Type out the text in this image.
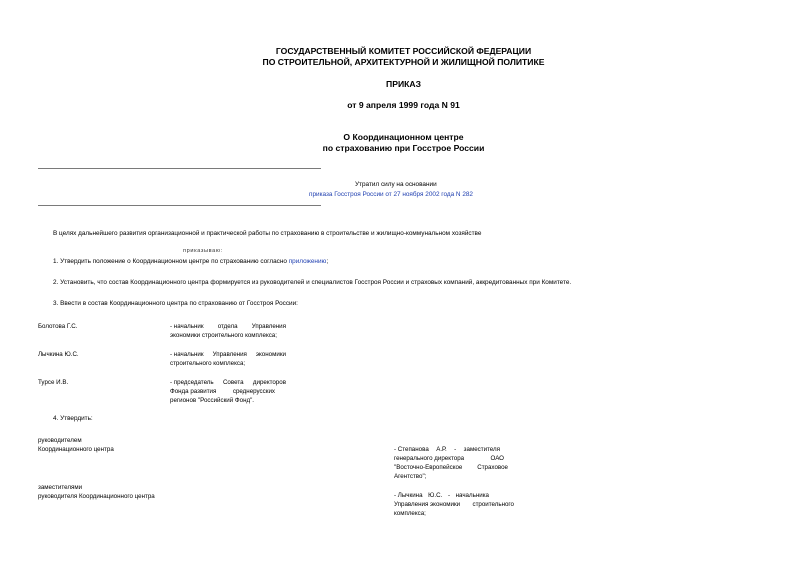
ГОСУДАРСТВЕННЫЙ КОМИТЕТ РОССИЙСКОЙ ФЕДЕРАЦИИ
ПО СТРОИТЕЛЬНОЙ, АРХИТЕКТУРНОЙ И ЖИЛИЩНОЙ ПОЛИТИКЕ
ПРИКАЗ
от 9 апреля 1999 года N 91
О Координационном центре
по страхованию при Госстрое России
Утратил силу на основании
приказа Госстроя России от 27 ноября 2002 года N 282
В целях дальнейшего развития организационной и практической работы по страхованию в строительстве и жилищно-коммунальном хозяйстве
приказываю:
1. Утвердить положение о Координационном центре по страхованию согласно приложению;
2. Установить, что состав Координационного центра формируется из руководителей и специалистов Госстроя России и страховых компаний, аккредитованных при Комитете.
3. Ввести в состав Координационного центра по страхованию от Госстроя России:
Болотова Г.С.	- начальник отдела Управления
экономики строительного комплекса;
Лычкина Ю.С.	- начальник Управления экономики
строительного комплекса;
Турсе И.В.	- председатель Совета директоров
Фонда развития	среднерусских
регионов "Российский Фонд".
4. Утвердить:
руководителем
Координационного центра	- Степанова А.Р. - заместителя
генерального директора	ОАО
"Восточно-Европейское Страховое
Агентство";
заместителями
руководителя Координационного центра	- Лычкина Ю.С. - начальника
Управления экономики строительного
комплекса;
